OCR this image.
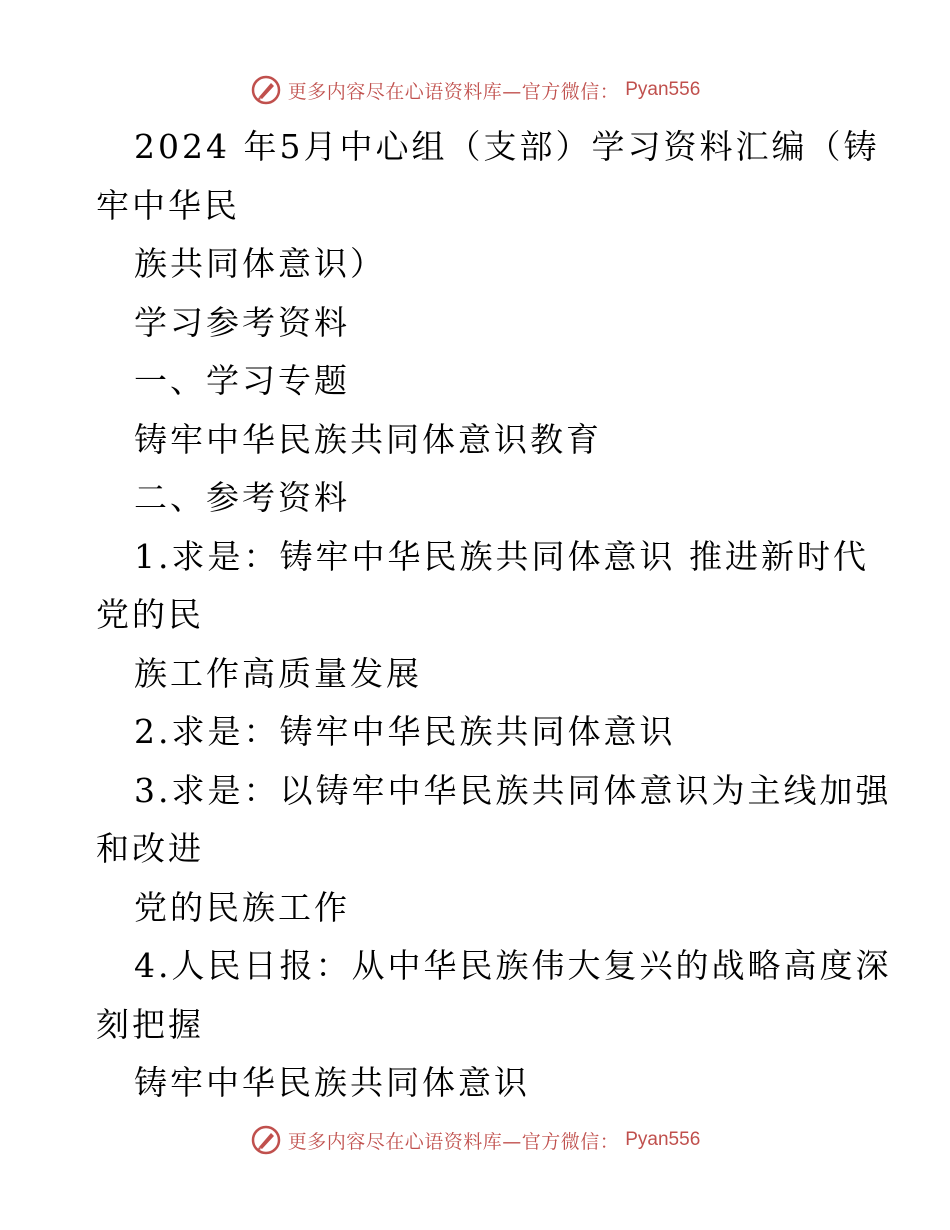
更多内容尽在心语资料库—官方微信： Pyan556
2024 年5月中心组（支部）学习资料汇编（铸
牢中华民
族共同体意识）
学习参考资料
一、学习专题
铸牢中华民族共同体意识教育
二、参考资料
1.求是：铸牢中华民族共同体意识 推进新时代
党的民
族工作高质量发展
2.求是：铸牢中华民族共同体意识
3.求是：以铸牢中华民族共同体意识为主线加强
和改进
党的民族工作
4.人民日报：从中华民族伟大复兴的战略高度深
刻把握
铸牢中华民族共同体意识
更多内容尽在心语资料库—官方微信： Pyan556
